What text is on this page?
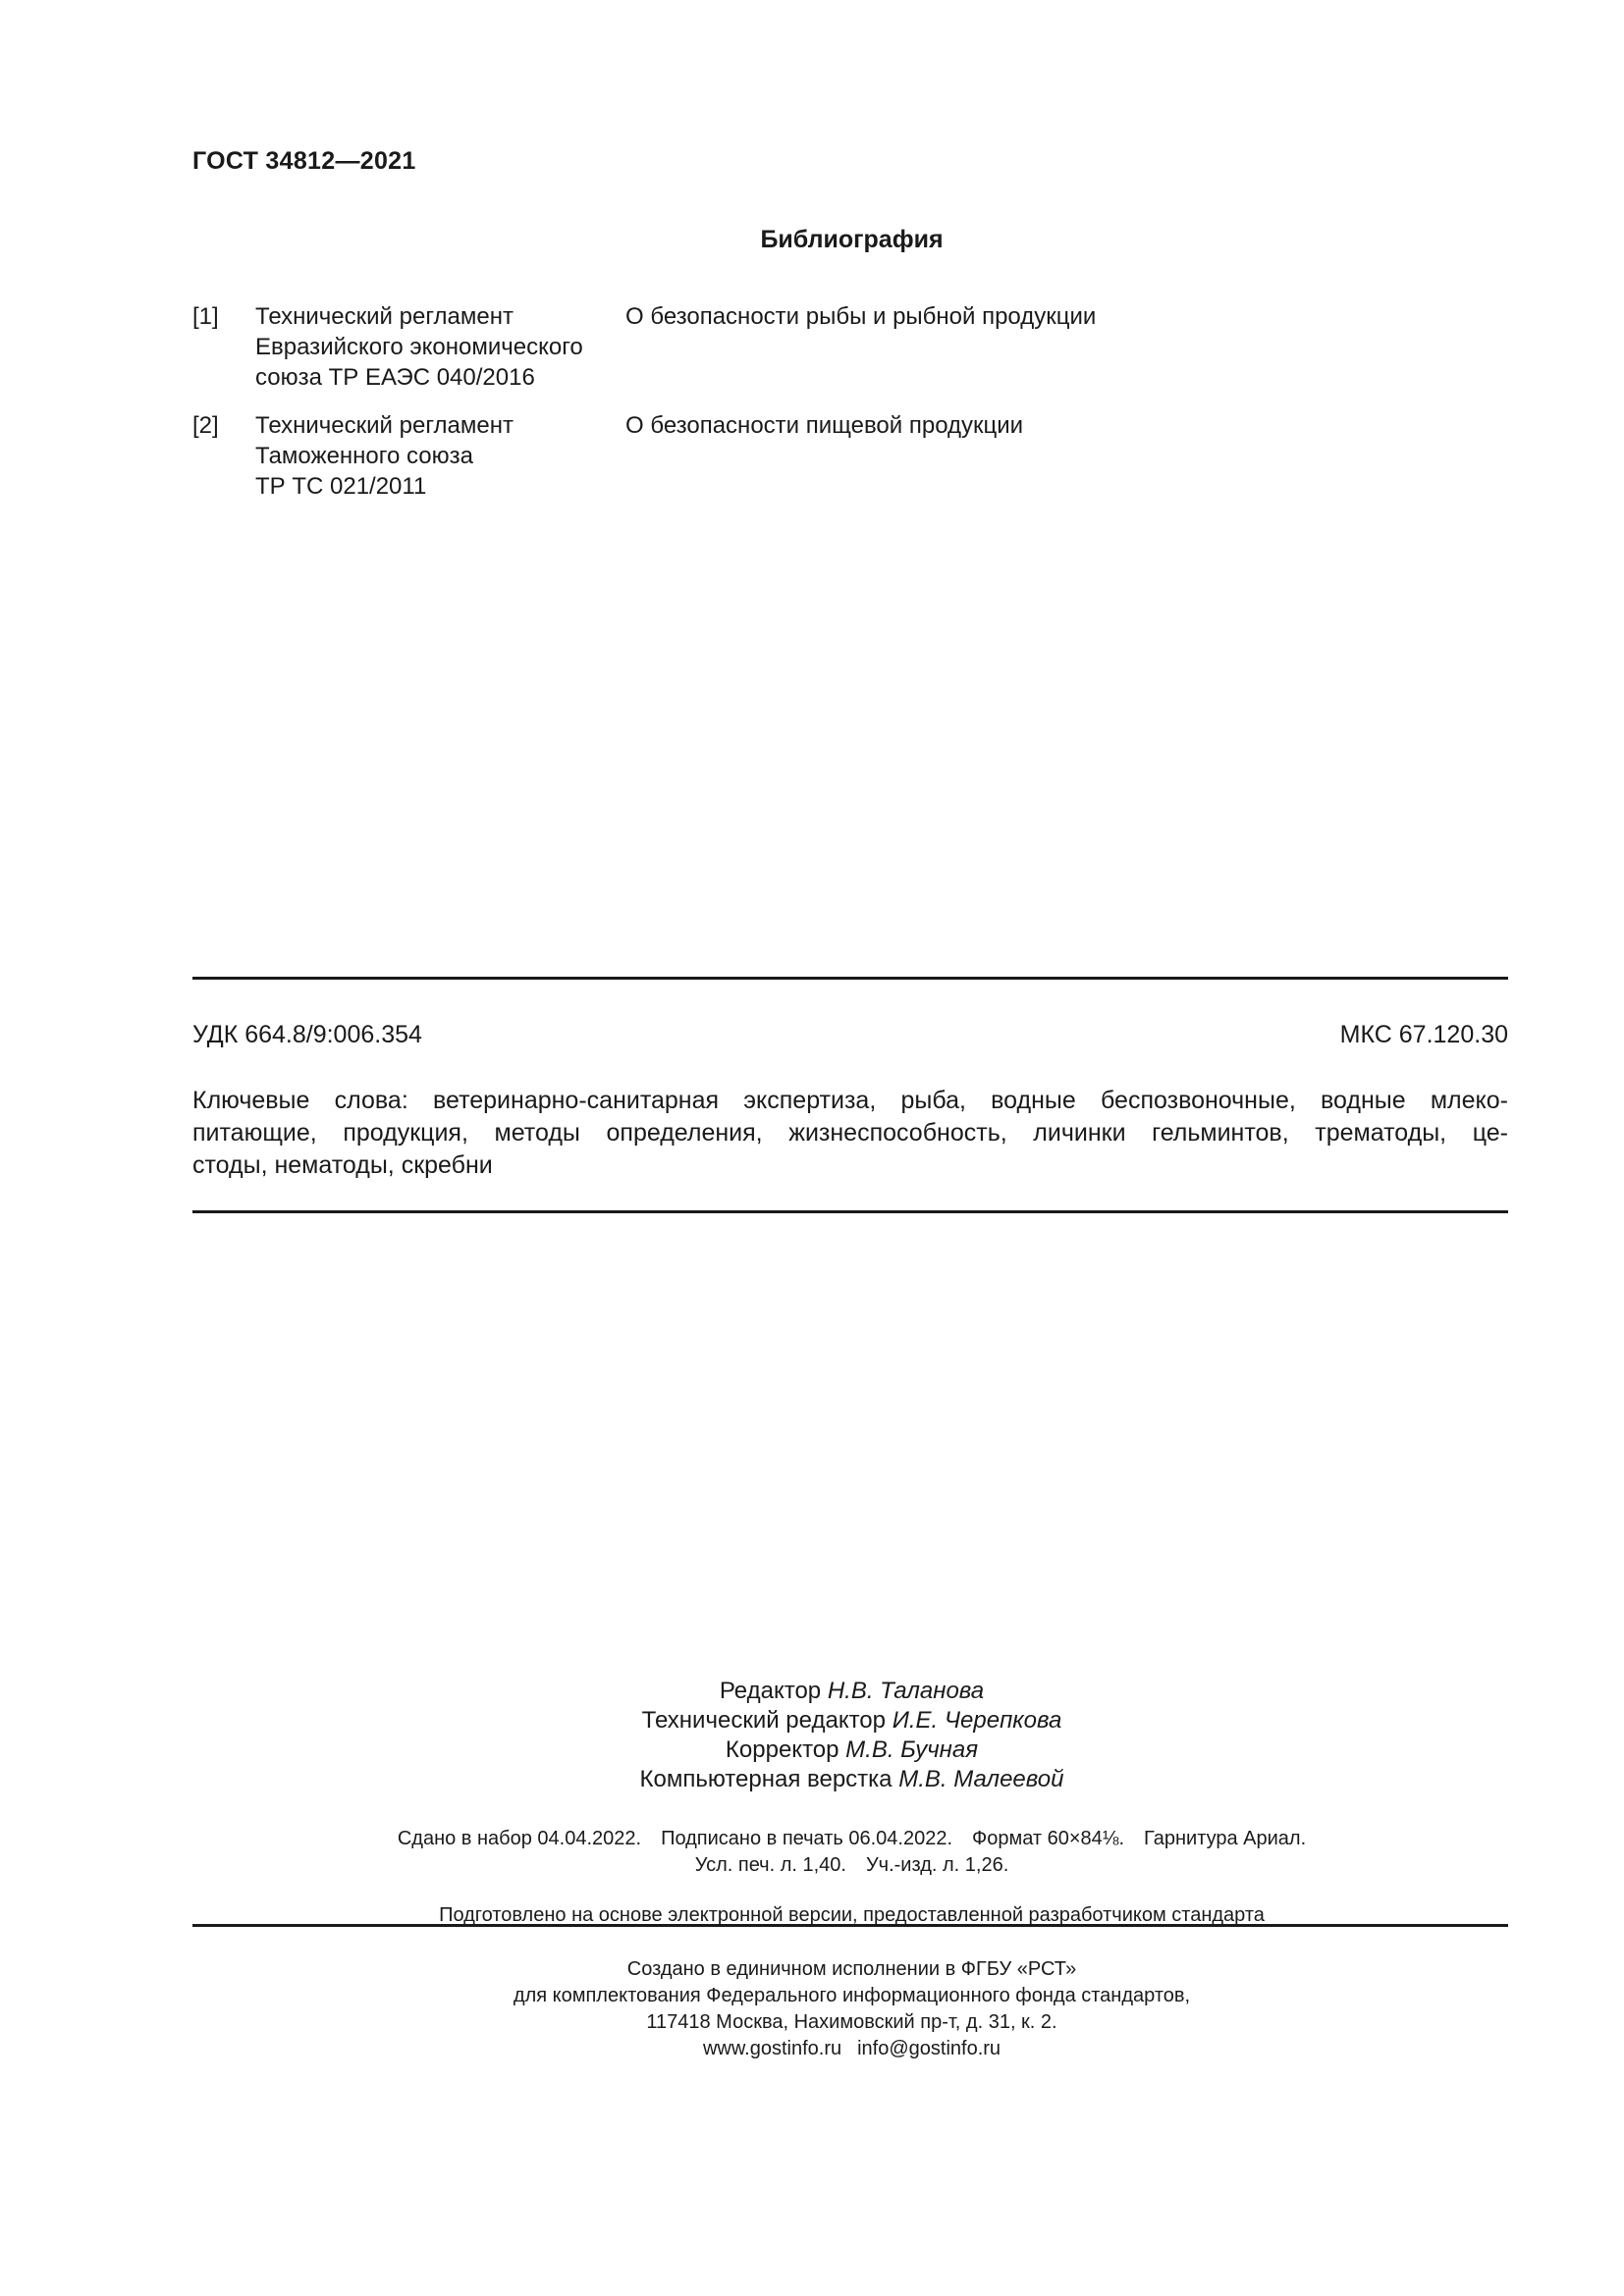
ГОСТ 34812—2021
Библиография
[1] Технический регламент
Евразийского экономического
союза ТР ЕАЭС 040/2016
О безопасности рыбы и рыбной продукции
[2] Технический регламент
Таможенного союза
ТР ТС 021/2011
О безопасности пищевой продукции
УДК 664.8/9:006.354	МКС 67.120.30
Ключевые слова: ветеринарно-санитарная экспертиза, рыба, водные беспозвоночные, водные млеко-
питающие, продукция, методы определения, жизнеспособность, личинки гельминтов, трематоды, це-
стоды, нематоды, скребни
Редактор Н.В. Таланова
Технический редактор И.Е. Черепкова
Корректор М.В. Бучная
Компьютерная верстка М.В. Малеевой
Сдано в набор 04.04.2022. Подписано в печать 06.04.2022. Формат 60×84⅛. Гарнитура Ариал.
Усл. печ. л. 1,40. Уч.-изд. л. 1,26.
Подготовлено на основе электронной версии, предоставленной разработчиком стандарта
Создано в единичном исполнении в ФГБУ «РСТ»
для комплектования Федерального информационного фонда стандартов,
117418 Москва, Нахимовский пр-т, д. 31, к. 2.
www.gostinfo.ru info@gostinfo.ru
